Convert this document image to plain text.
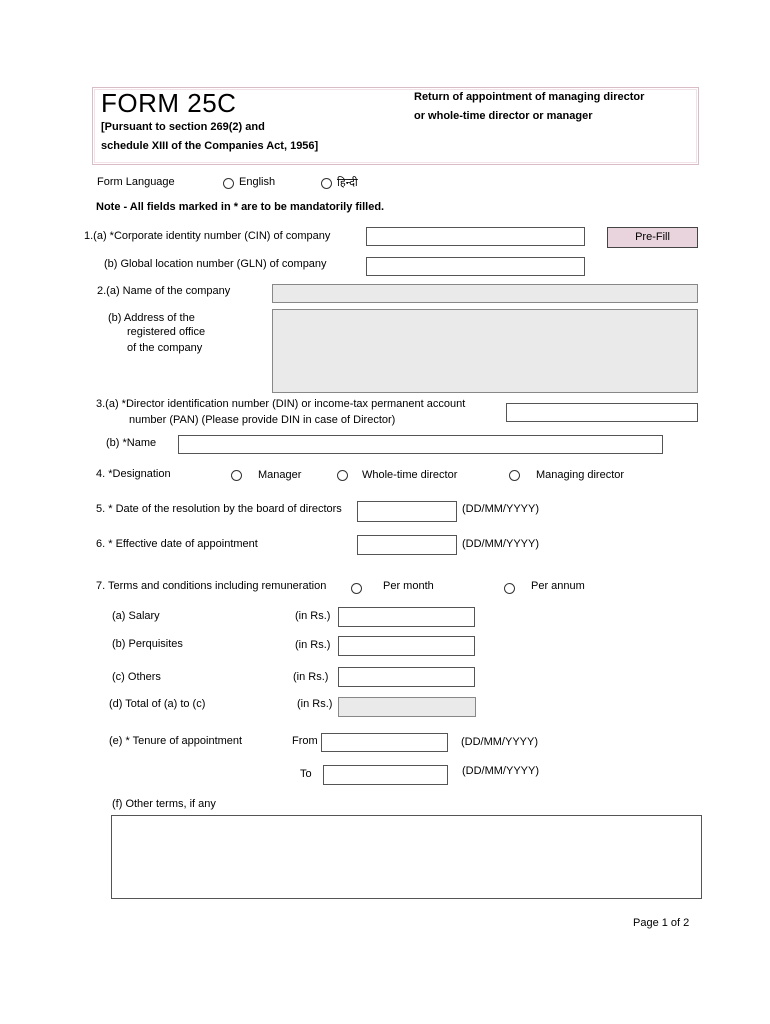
FORM 25C
[Pursuant to section 269(2) and
schedule XIII of the Companies Act, 1956]
Return of appointment of managing director
or whole-time director or manager
Form Language	English	हिन्दी
Note - All fields marked in * are to be mandatorily filled.
1.(a) *Corporate identity number (CIN) of company	Pre-Fill
(b) Global location number (GLN) of company
2.(a) Name of the company
(b) Address of the
registered office
of the company
3.(a) *Director identification number (DIN) or income-tax permanent account
number (PAN) (Please provide DIN in case of Director)
(b) *Name
4. *Designation	Manager	Whole-time director	Managing director
5. * Date of the resolution by the board of directors	(DD/MM/YYYY)
6. * Effective date of appointment	(DD/MM/YYYY)
7. Terms and conditions including remuneration	Per month	Per annum
(a) Salary	(in Rs.)
(b) Perquisites	(in Rs.)
(c) Others	(in Rs.)
(d) Total of (a) to (c)	(in Rs.)
(e) * Tenure of appointment	From	(DD/MM/YYYY)
To	(DD/MM/YYYY)
(f) Other terms, if any
Page 1 of 2
